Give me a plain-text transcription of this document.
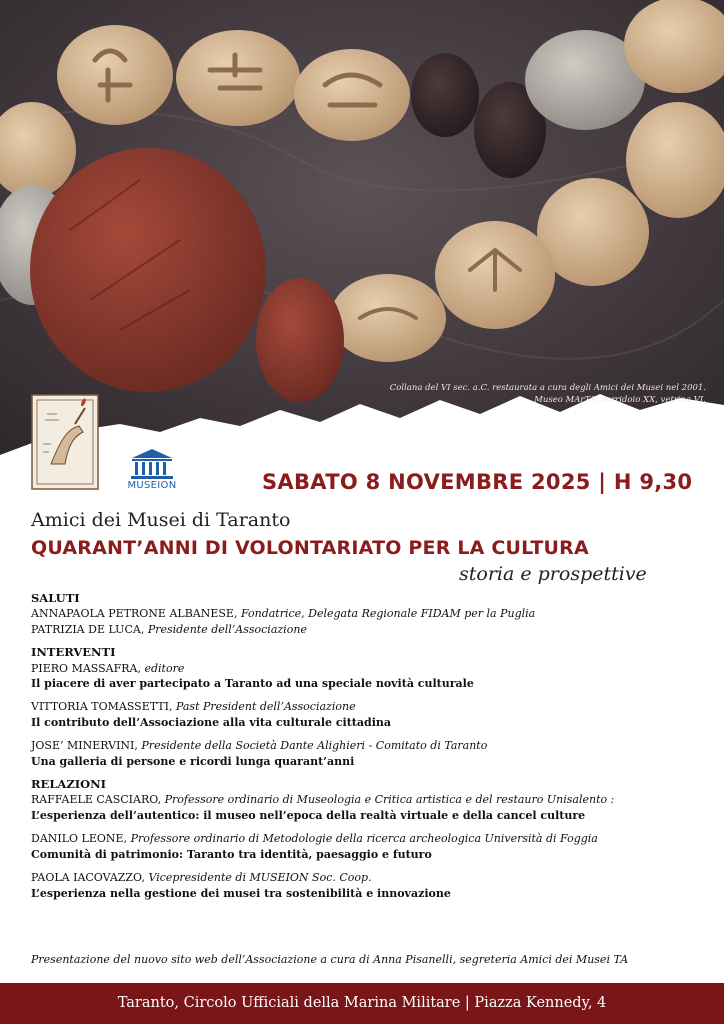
Collana del VI sec. a.C. restaurata a cura degli Amici dei Musei nel 2001.
Museo MArTA, corridoio XX, vetrina VI.
MUSEION	SABATO 8 NOVEMBRE 2025 | H 9,30
Amici dei Musei di Taranto
QUARANT’ANNI DI VOLONTARIATO PER LA CULTURA
storia e prospettive
SALUTI
ANNAPAOLA PETRONE ALBANESE, Fondatrice, Delegata Regionale FIDAM per la Puglia
PATRIZIA DE LUCA, Presidente dell’Associazione
INTERVENTI
PIERO MASSAFRA, editore
Il piacere di aver partecipato a Taranto ad una speciale novità culturale
VITTORIA TOMASSETTI, Past President dell’Associazione
Il contributo dell’Associazione alla vita culturale cittadina
JOSE’ MINERVINI, Presidente della Società Dante Alighieri - Comitato di Taranto
Una galleria di persone e ricordi lunga quarant’anni
RELAZIONI
RAFFAELE CASCIARO, Professore ordinario di Museologia e Critica artistica e del restauro Unisalento :
L’esperienza dell’autentico: il museo nell’epoca della realtà virtuale e della cancel culture
DANILO LEONE, Professore ordinario di Metodologie della ricerca archeologica Università di Foggia
Comunità di patrimonio: Taranto tra identità, paesaggio e futuro
PAOLA IACOVAZZO, Vicepresidente di MUSEION Soc. Coop.
L’esperienza nella gestione dei musei tra sostenibilità e innovazione
Presentazione del nuovo sito web dell’Associazione a cura di Anna Pisanelli, segreteria Amici dei Musei TA
Taranto, Circolo Ufficiali della Marina Militare | Piazza Kennedy, 4
